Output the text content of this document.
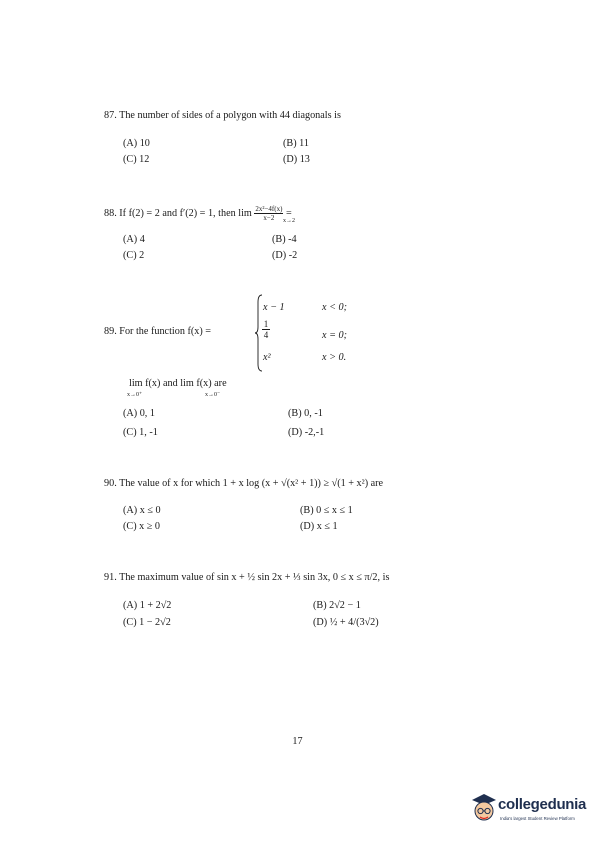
87. The number of sides of a polygon with 44 diagonals is
(A) 10	(B) 11
(C) 12	(D) 13
88. If f(2) = 2 and f′(2) = 1, then $\lim \frac{\text{2x²−4f(x)}}{x-2}$ =
x→2
(A) 4	(B) -4
(C) 2	(D) -2
89. For the function f(x) =
x − 1	x < 0;
$\frac{1}{4}$	x = 0;
x²	x > 0.
lim f(x) and lim f(x) are
x→0⁺	x→0⁻
(A) 0, 1	(B) 0, -1
(C) 1, -1	(D) -2,-1
90. The value of x for which 1 + x log (x + √(x² + 1)) ≥ √(1 + x²) are
(A) x ≤ 0	(B) 0 ≤ x ≤ 1
(C) x ≥ 0	(D) x ≤ 1
91. The maximum value of sin x + ½ sin 2x + ⅓ sin 3x, 0 ≤ x ≤ π/2, is
(A) 1 + 2√2	(B) 2√2 − 1
(C) 1 − 2√2	(D) ½ + 4/(3√2)
17
collegedunia
India's largest Student Review Platform
